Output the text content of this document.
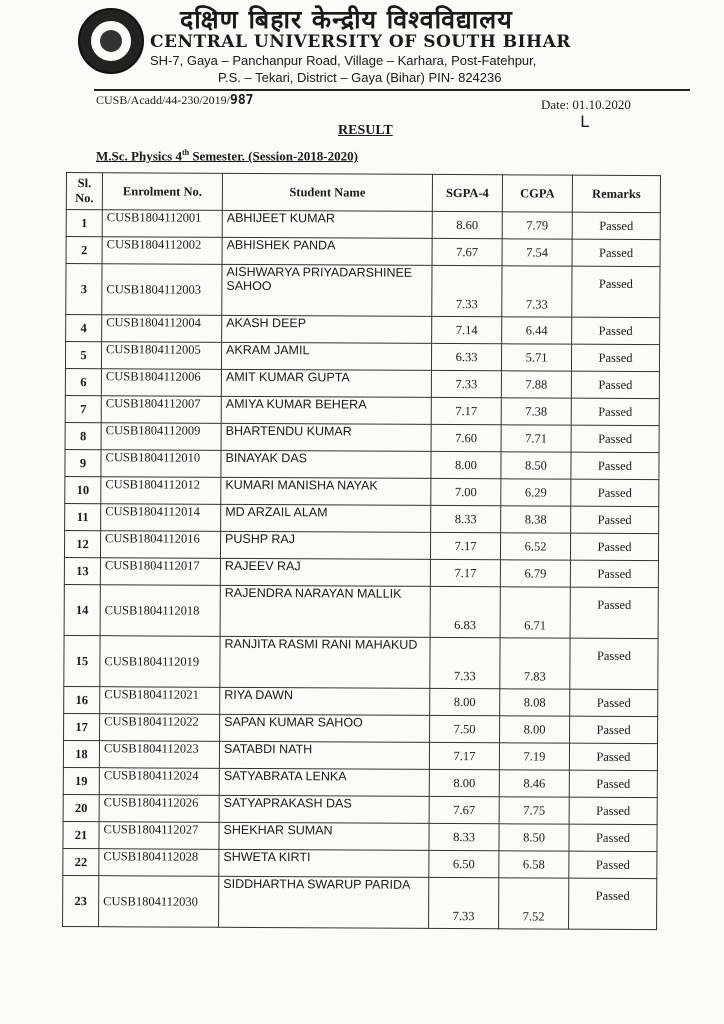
दक्षिण बिहार केन्द्रीय विश्वविद्यालय
CENTRAL UNIVERSITY OF SOUTH BIHAR
SH-7, Gaya – Panchanpur Road, Village – Karhara, Post-Fatehpur,
P.S. – Tekari, District – Gaya (Bihar) PIN- 824236
CUSB/Acadd/44-230/2019/987	Date: 01.10.2020
L
RESULT
M.Sc. Physics 4th Semester. (Session-2018-2020)
Sl. No.	Enrolment No.	Student Name	SGPA-4	CGPA	Remarks
1	CUSB1804112001	ABHIJEET KUMAR	8.60	7.79	Passed
2	CUSB1804112002	ABHISHEK PANDA	7.67	7.54	Passed
3	CUSB1804112003	AISHWARYA PRIYADARSHINEE SAHOO	7.33	7.33	Passed
4	CUSB1804112004	AKASH DEEP	7.14	6.44	Passed
5	CUSB1804112005	AKRAM JAMIL	6.33	5.71	Passed
6	CUSB1804112006	AMIT KUMAR GUPTA	7.33	7.88	Passed
7	CUSB1804112007	AMIYA KUMAR BEHERA	7.17	7.38	Passed
8	CUSB1804112009	BHARTENDU KUMAR	7.60	7.71	Passed
9	CUSB1804112010	BINAYAK DAS	8.00	8.50	Passed
10	CUSB1804112012	KUMARI MANISHA NAYAK	7.00	6.29	Passed
11	CUSB1804112014	MD ARZAIL ALAM	8.33	8.38	Passed
12	CUSB1804112016	PUSHP RAJ	7.17	6.52	Passed
13	CUSB1804112017	RAJEEV RAJ	7.17	6.79	Passed
14	CUSB1804112018	RAJENDRA NARAYAN MALLIK	6.83	6.71	Passed
15	CUSB1804112019	RANJITA RASMI RANI MAHAKUD	7.33	7.83	Passed
16	CUSB1804112021	RIYA DAWN	8.00	8.08	Passed
17	CUSB1804112022	SAPAN KUMAR SAHOO	7.50	8.00	Passed
18	CUSB1804112023	SATABDI NATH	7.17	7.19	Passed
19	CUSB1804112024	SATYABRATA LENKA	8.00	8.46	Passed
20	CUSB1804112026	SATYAPRAKASH DAS	7.67	7.75	Passed
21	CUSB1804112027	SHEKHAR SUMAN	8.33	8.50	Passed
22	CUSB1804112028	SHWETA KIRTI	6.50	6.58	Passed
23	CUSB1804112030	SIDDHARTHA SWARUP PARIDA	7.33	7.52	Passed
